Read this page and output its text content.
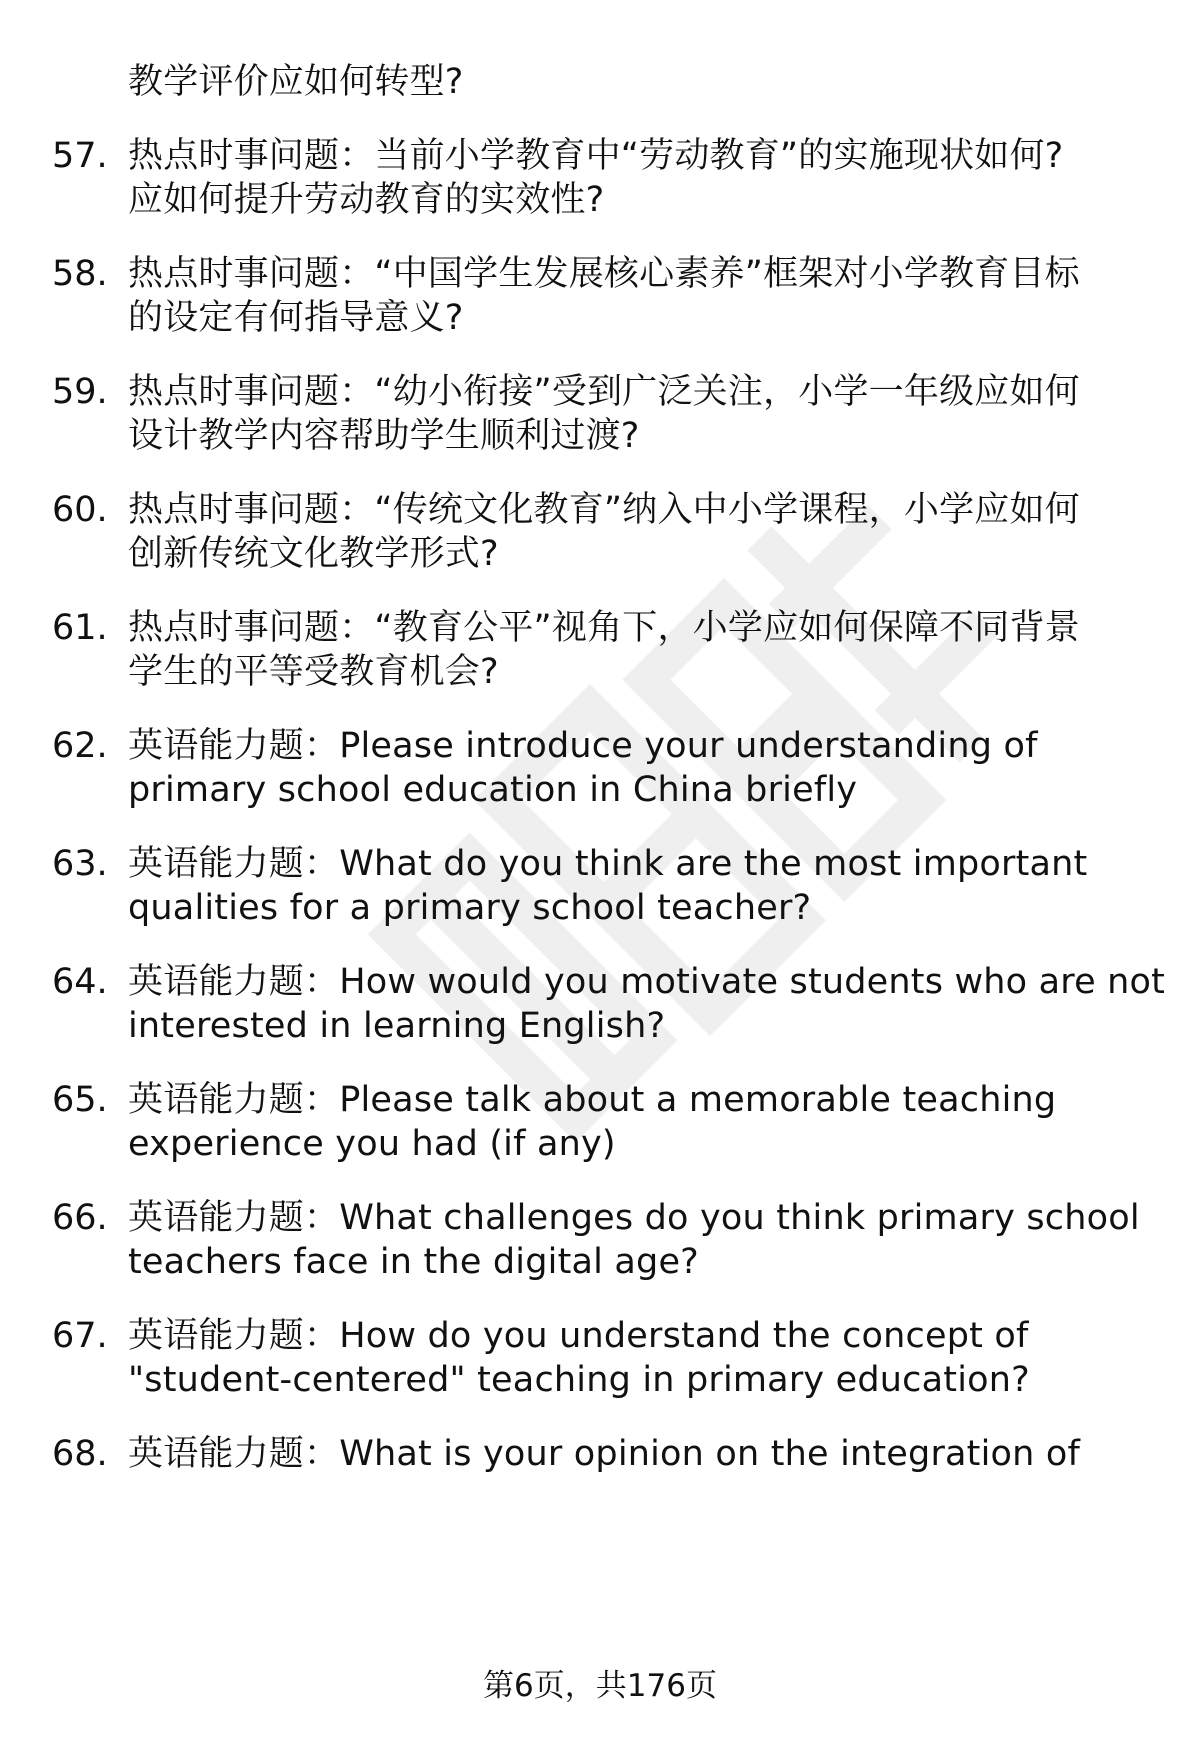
教学评价应如何转型?
57. 热点时事问题：当前小学教育中“劳动教育”的实施现状如何?
应如何提升劳动教育的实效性?
58. 热点时事问题：“中国学生发展核心素养”框架对小学教育目标
的设定有何指导意义?
59. 热点时事问题：“幼小衔接”受到广泛关注，小学一年级应如何
设计教学内容帮助学生顺利过渡?
60. 热点时事问题：“传统文化教育”纳入中小学课程，小学应如何
创新传统文化教学形式?
61. 热点时事问题：“教育公平”视角下，小学应如何保障不同背景
学生的平等受教育机会?
62. 英语能力题：Please introduce your understanding of
primary school education in China briefly
63. 英语能力题：What do you think are the most important
qualities for a primary school teacher?
64. 英语能力题：How would you motivate students who are not
interested in learning English?
65. 英语能力题：Please talk about a memorable teaching
experience you had (if any)
66. 英语能力题：What challenges do you think primary school
teachers face in the digital age?
67. 英语能力题：How do you understand the concept of
"student-centered" teaching in primary education?
68. 英语能力题：What is your opinion on the integration of
第6页，共176页
